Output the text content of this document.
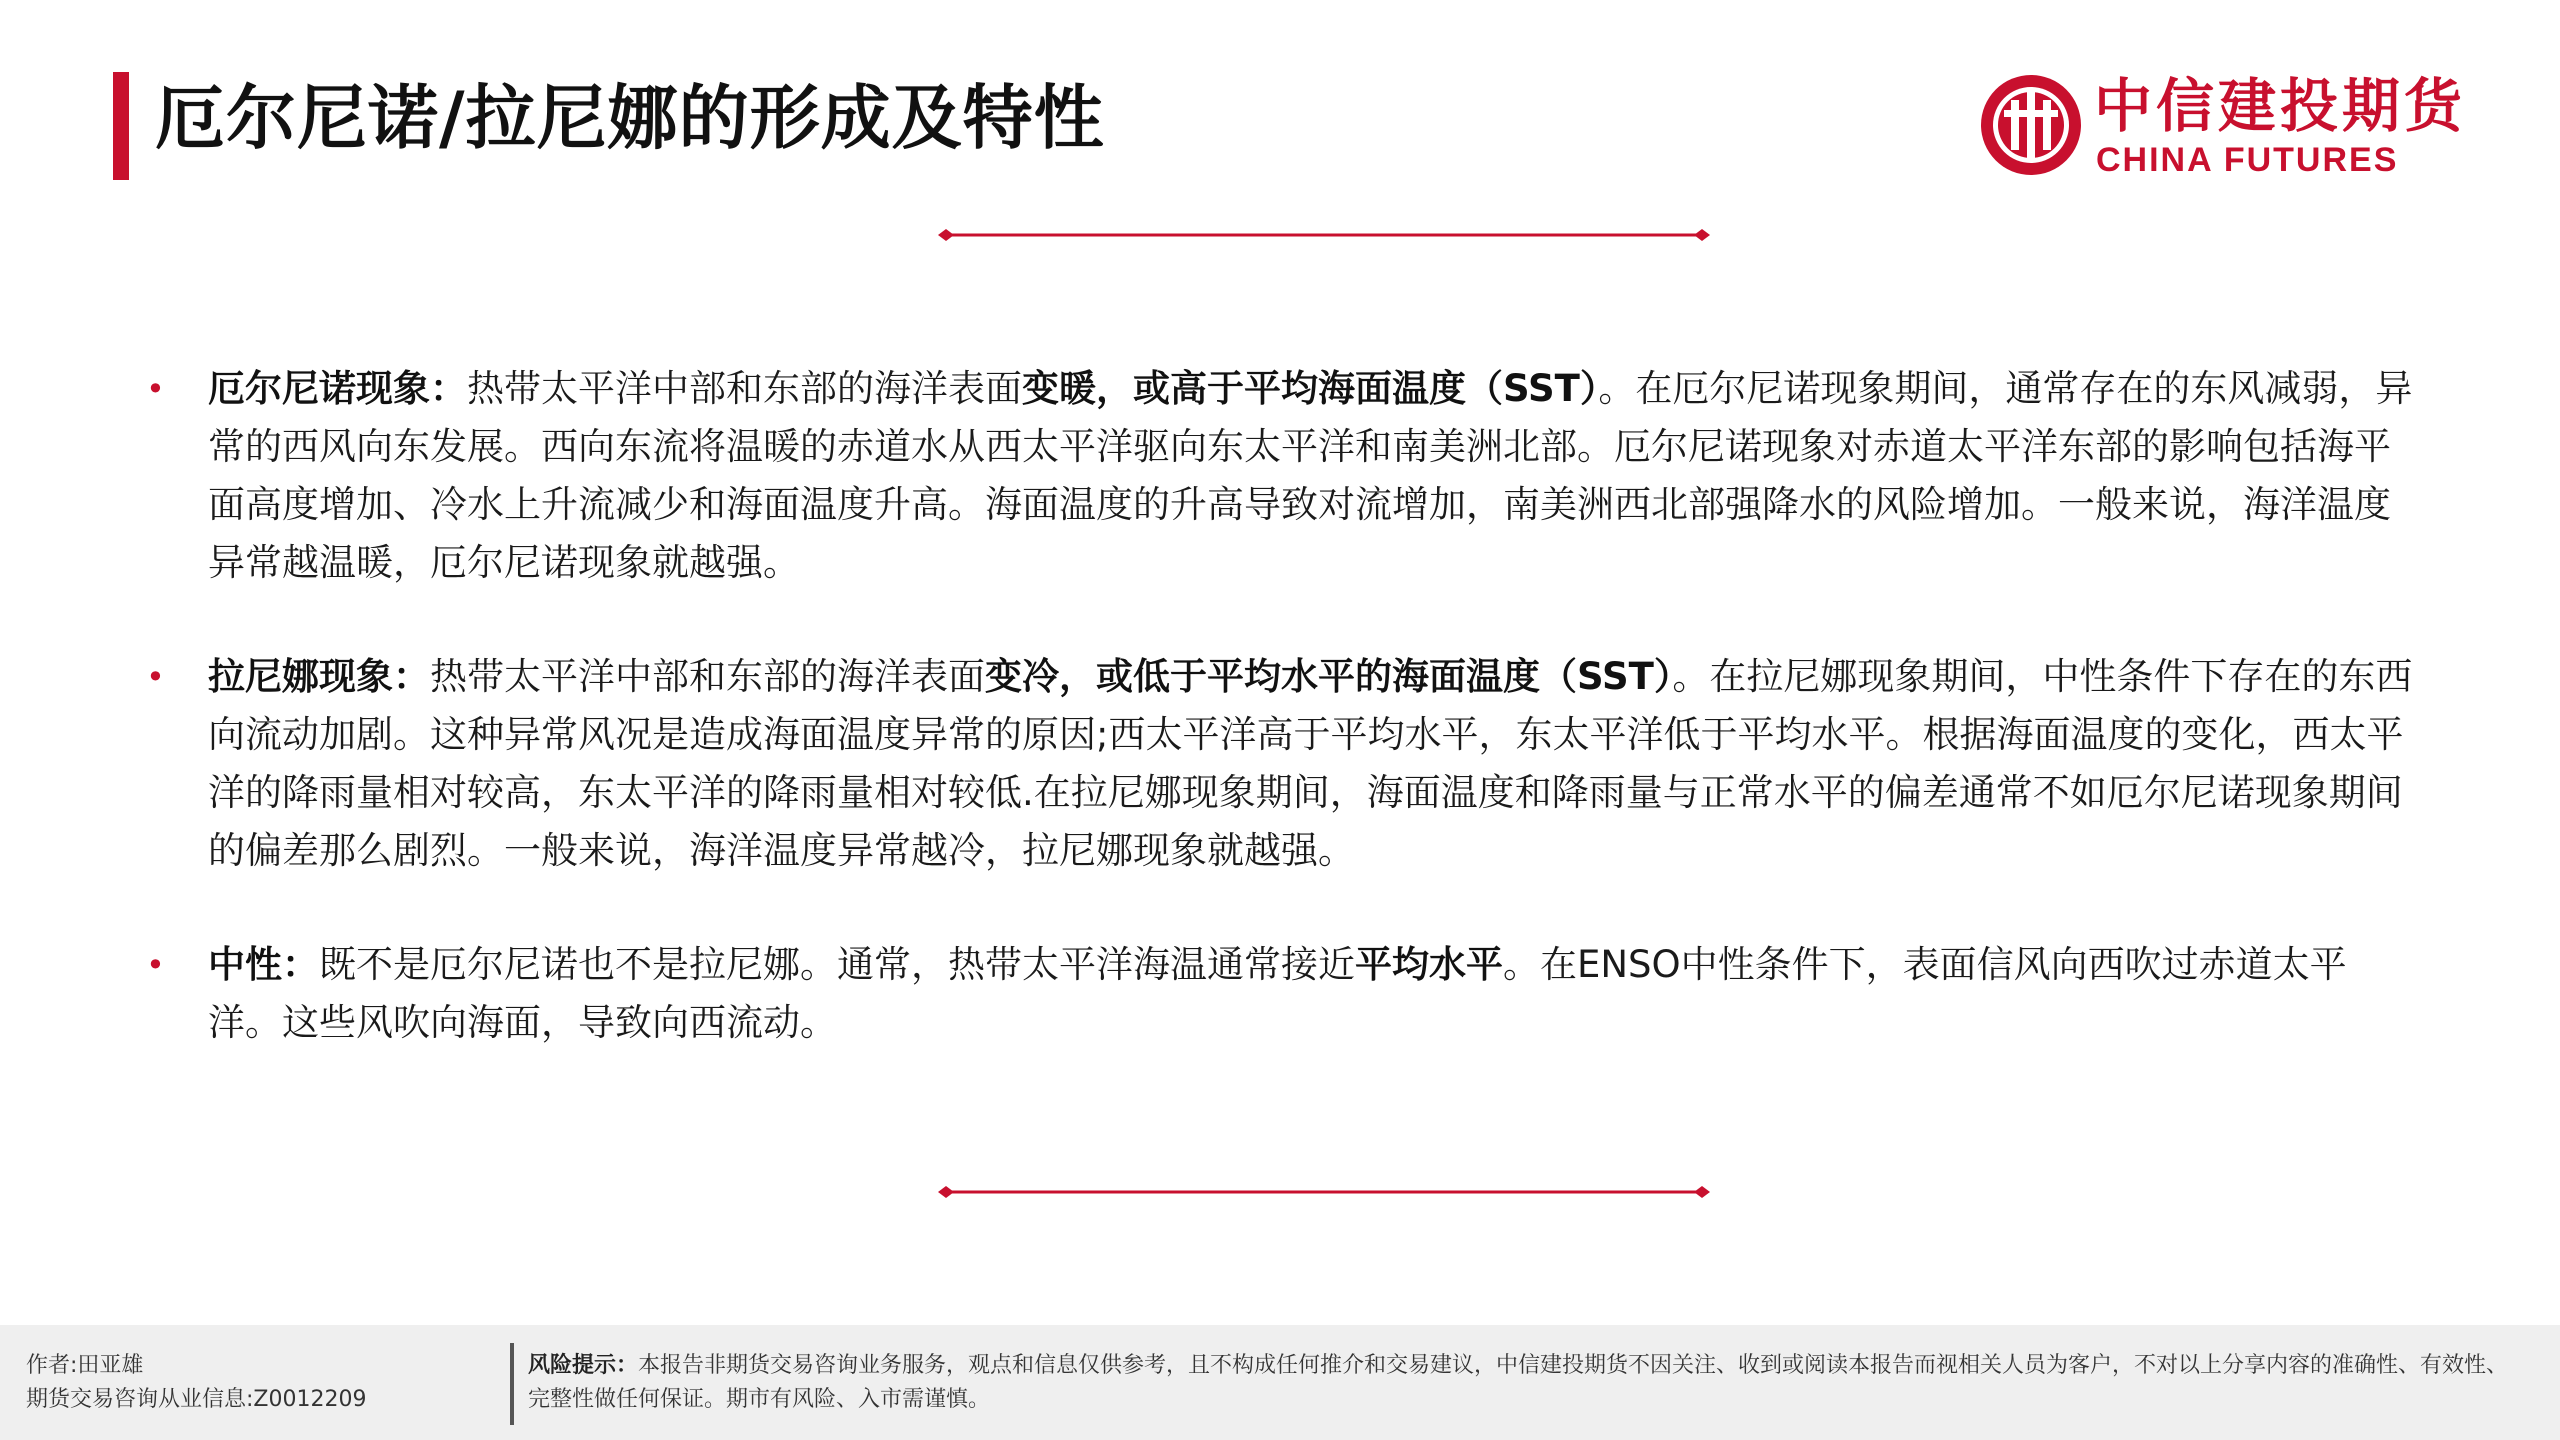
厄尔尼诺/拉尼娜的形成及特性	中信建投期货
CHINA FUTURES
• 厄尔尼诺现象：热带太平洋中部和东部的海洋表面变暖，或高于平均海面温度（SST）。在厄尔尼诺现象期间，通常存在的东风减弱，异常的西风向东发展。西向东流将温暖的赤道水从西太平洋驱向东太平洋和南美洲北部。厄尔尼诺现象对赤道太平洋东部的影响包括海平面高度增加、冷水上升流减少和海面温度升高。海面温度的升高导致对流增加，南美洲西北部强降水的风险增加。一般来说，海洋温度异常越温暖，厄尔尼诺现象就越强。
• 拉尼娜现象：热带太平洋中部和东部的海洋表面变冷，或低于平均水平的海面温度（SST）。在拉尼娜现象期间，中性条件下存在的东西向流动加剧。这种异常风况是造成海面温度异常的原因;西太平洋高于平均水平，东太平洋低于平均水平。根据海面温度的变化，西太平洋的降雨量相对较高，东太平洋的降雨量相对较低.在拉尼娜现象期间，海面温度和降雨量与正常水平的偏差通常不如厄尔尼诺现象期间的偏差那么剧烈。一般来说，海洋温度异常越冷，拉尼娜现象就越强。
• 中性：既不是厄尔尼诺也不是拉尼娜。通常，热带太平洋海温通常接近平均水平。在ENSO中性条件下，表面信风向西吹过赤道太平洋。这些风吹向海面，导致向西流动。
作者:田亚雄
期货交易咨询从业信息:Z0012209
风险提示：本报告非期货交易咨询业务服务，观点和信息仅供参考，且不构成任何推介和交易建议，中信建投期货不因关注、收到或阅读本报告而视相关人员为客户，不对以上分享内容的准确性、有效性、完整性做任何保证。期市有风险、入市需谨慎。
